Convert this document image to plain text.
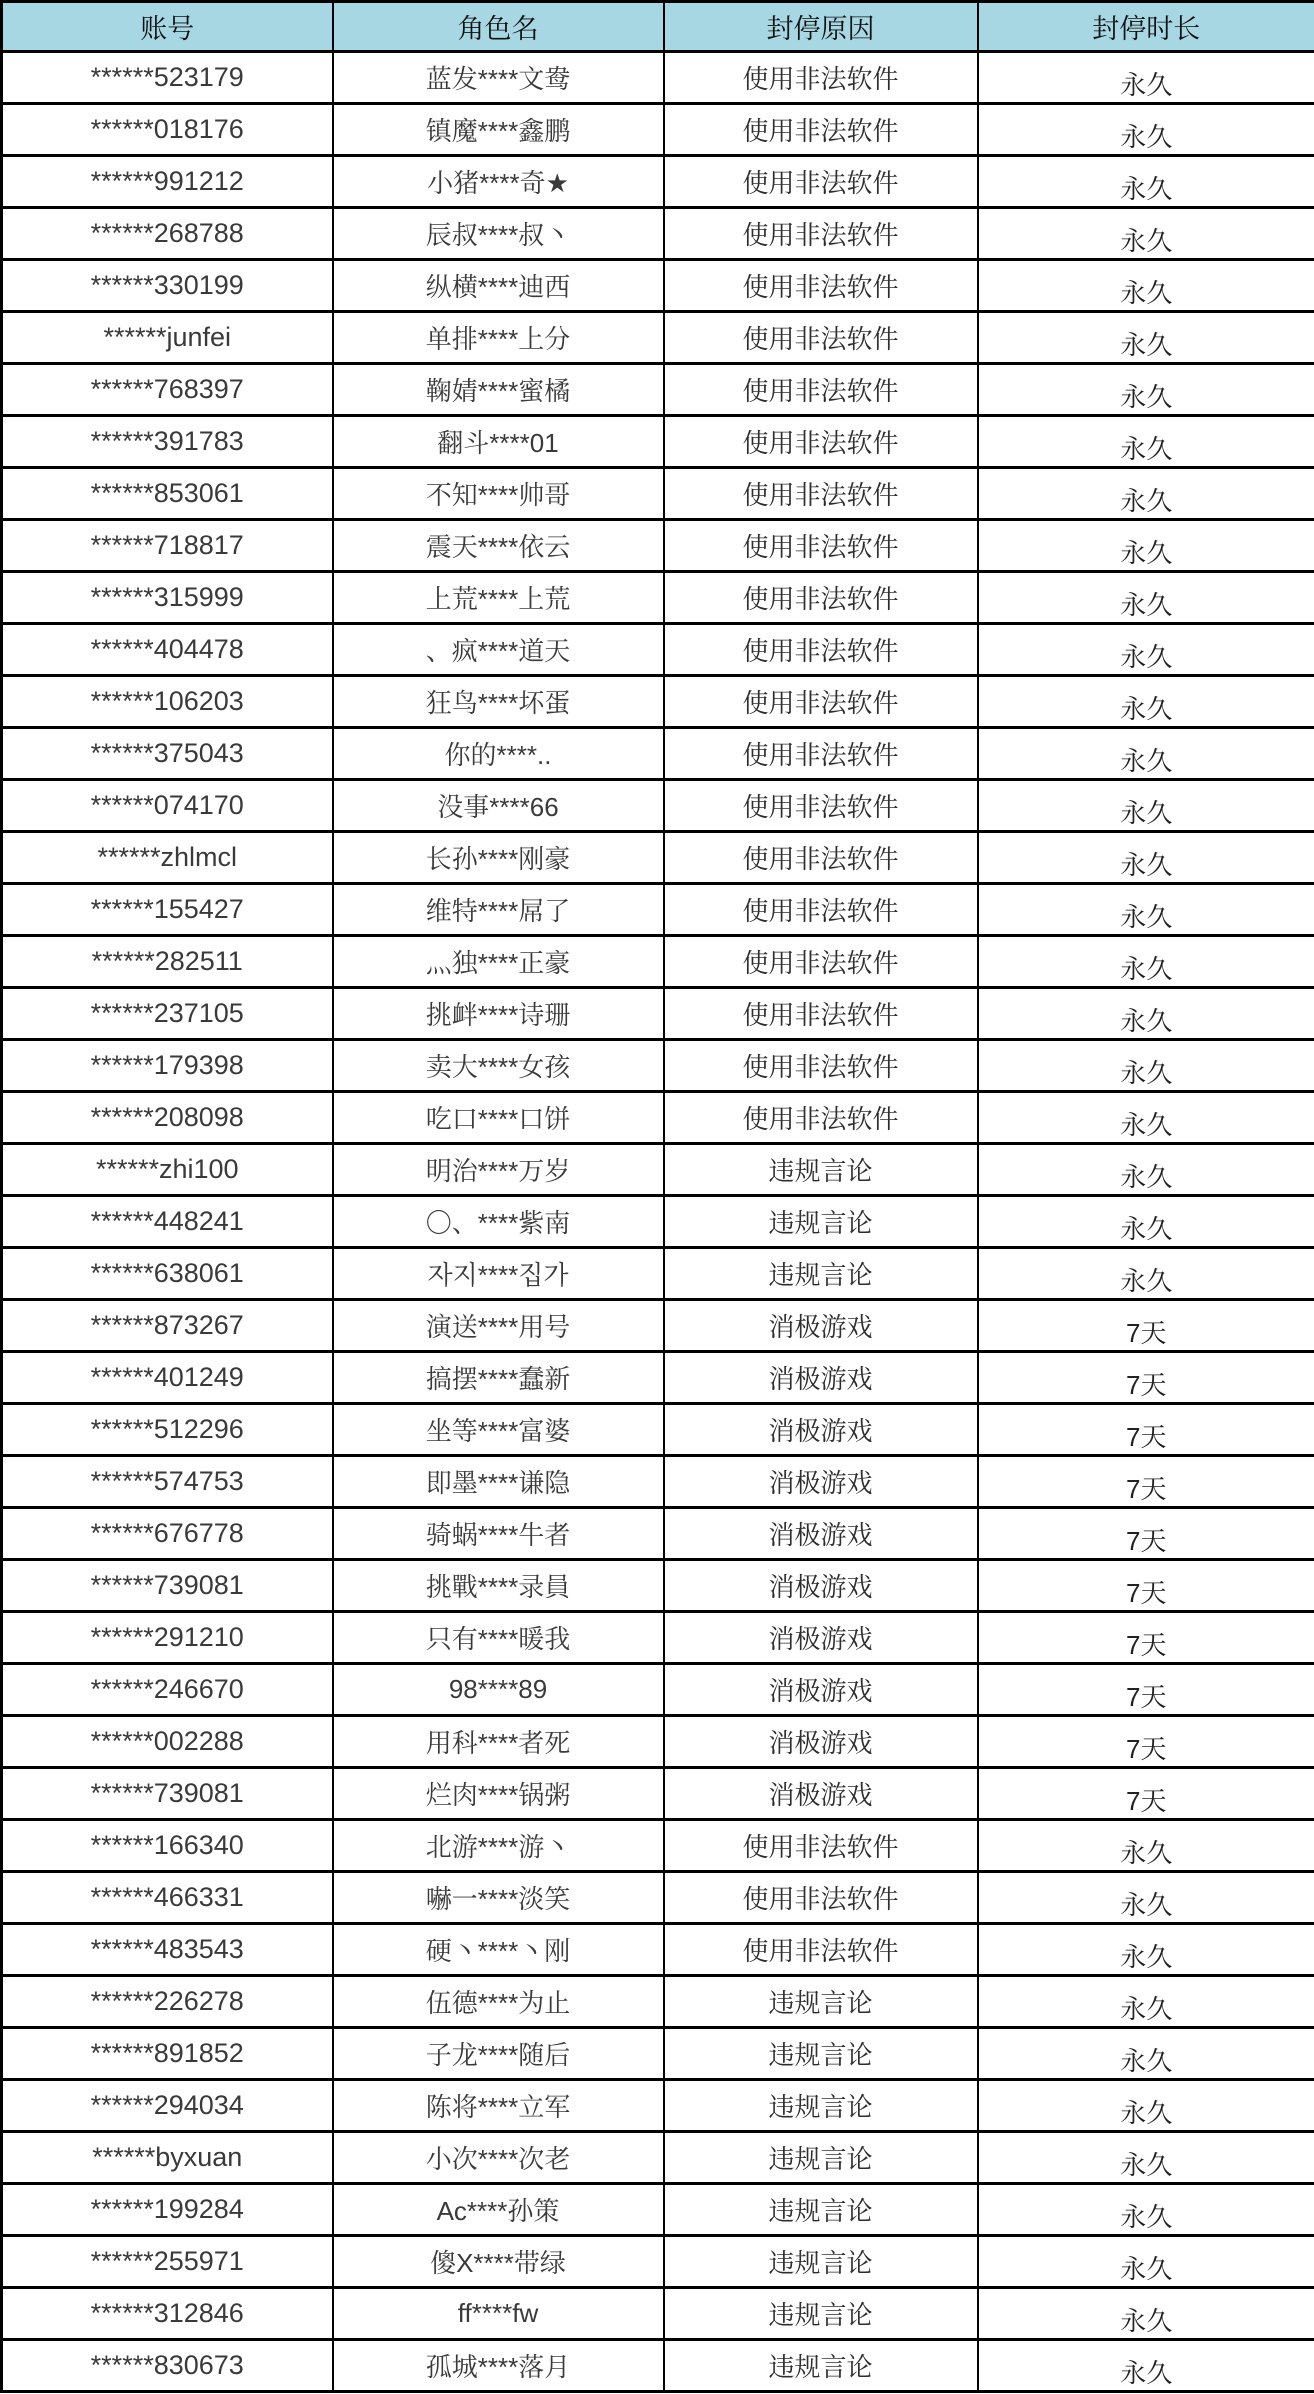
账号	角色名	封停原因	封停时长
******523179	蓝发****文鸯	使用非法软件	永久
******018176	镇魔****鑫鹏	使用非法软件	永久
******991212	小猪****奇★	使用非法软件	永久
******268788	辰叔****叔丶	使用非法软件	永久
******330199	纵横****迪西	使用非法软件	永久
******junfei	单排****上分	使用非法软件	永久
******768397	鞠婧****蜜橘	使用非法软件	永久
******391783	翻斗****01	使用非法软件	永久
******853061	不知****帅哥	使用非法软件	永久
******718817	震天****依云	使用非法软件	永久
******315999	上荒****上荒	使用非法软件	永久
******404478	、疯****道天	使用非法软件	永久
******106203	狂鸟****坏蛋	使用非法软件	永久
******375043	你的****..	使用非法软件	永久
******074170	没事****66	使用非法软件	永久
******zhlmcl	长孙****刚豪	使用非法软件	永久
******155427	维特****屌了	使用非法软件	永久
******282511	灬独****正豪	使用非法软件	永久
******237105	挑衅****诗珊	使用非法软件	永久
******179398	卖大****女孩	使用非法软件	永久
******208098	吃口****口饼	使用非法软件	永久
******zhi100	明治****万岁	违规言论	永久
******448241	〇、****紫南	违规言论	永久
******638061	자지****집가	违规言论	永久
******873267	演送****用号	消极游戏	7天
******401249	搞摆****蠢新	消极游戏	7天
******512296	坐等****富婆	消极游戏	7天
******574753	即墨****谦隐	消极游戏	7天
******676778	骑蜗****牛者	消极游戏	7天
******739081	挑戰****录員	消极游戏	7天
******291210	只有****暖我	消极游戏	7天
******246670	98****89	消极游戏	7天
******002288	用科****者死	消极游戏	7天
******739081	烂肉****锅粥	消极游戏	7天
******166340	北游****游丶	使用非法软件	永久
******466331	嚇一****淡笑	使用非法软件	永久
******483543	硬丶****丶刚	使用非法软件	永久
******226278	伍德****为止	违规言论	永久
******891852	子龙****随后	违规言论	永久
******294034	陈将****立军	违规言论	永久
******byxuan	小次****次老	违规言论	永久
******199284	Ac****孙策	违规言论	永久
******255971	傻X****带绿	违规言论	永久
******312846	ff****fw	违规言论	永久
******830673	孤城****落月	违规言论	永久
